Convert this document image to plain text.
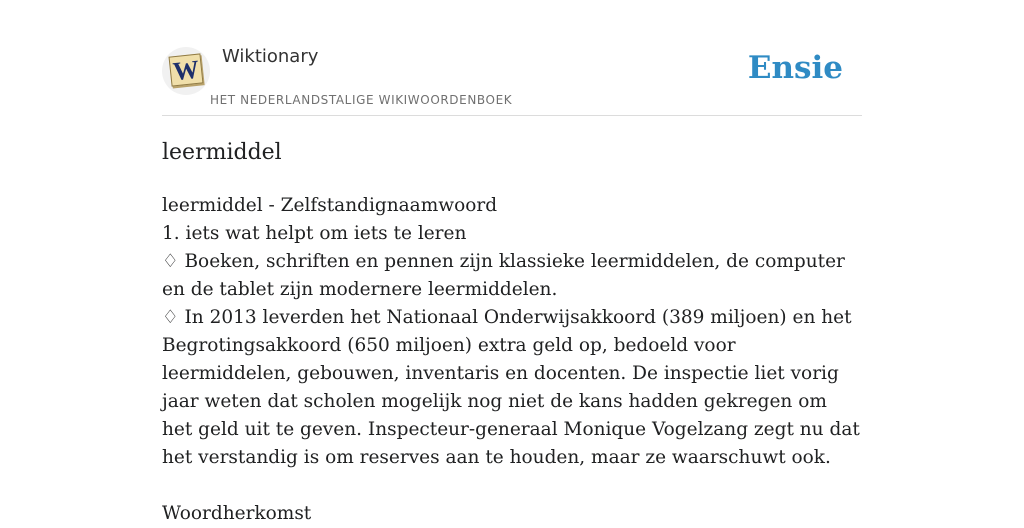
W Wiktionary
HET NEDERLANDSTALIGE WIKIWOORDENBOEK
Ensie
leermiddel

leermiddel - Zelfstandignaamwoord

1. iets wat helpt om iets te leren

♢ Boeken, schriften en pennen zijn klassieke leermiddelen, de computer en de tablet zijn modernere leermiddelen.

♢ In 2013 leverden het Nationaal Onderwijsakkoord (389 miljoen) en het Begrotingsakkoord (650 miljoen) extra geld op, bedoeld voor leermiddelen, gebouwen, inventaris en docenten. De inspectie liet vorig jaar weten dat scholen mogelijk nog niet de kans hadden gekregen om het geld uit te geven. Inspecteur-generaal Monique Vogelzang zegt nu dat het verstandig is om reserves aan te houden, maar ze waarschuwt ook.

Woordherkomst
